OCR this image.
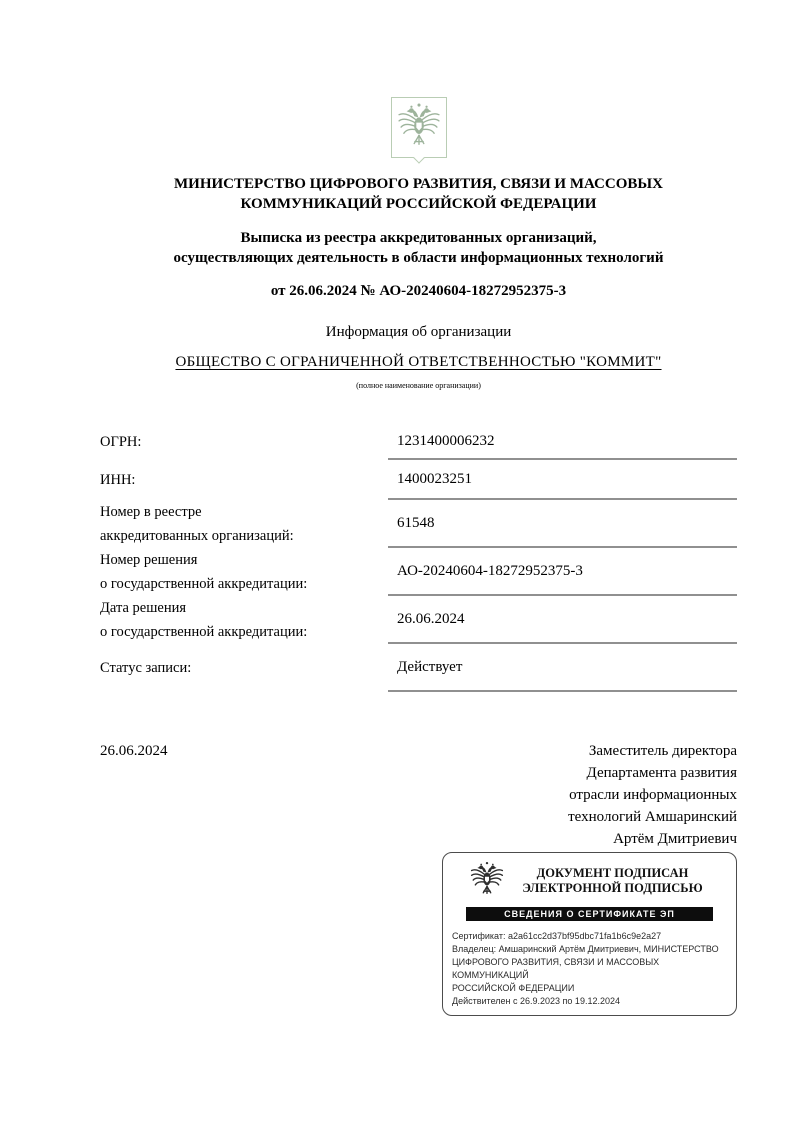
МИНИСТЕРСТВО ЦИФРОВОГО РАЗВИТИЯ, СВЯЗИ И МАССОВЫХ
КОММУНИКАЦИЙ РОССИЙСКОЙ ФЕДЕРАЦИИ
Выписка из реестра аккредитованных организаций,
осуществляющих деятельность в области информационных технологий
от 26.06.2024 № АО-20240604-18272952375-3
Информация об организации
ОБЩЕСТВО С ОГРАНИЧЕННОЙ ОТВЕТСТВЕННОСТЬЮ "КОММИТ"
(полное наименование организации)
ОГРН:	1231400006232
ИНН:	1400023251
Номер в реестре
аккредитованных организаций:
61548
Номер решения
о государственной аккредитации:
АО-20240604-18272952375-3
Дата решения
о государственной аккредитации:
26.06.2024
Статус записи:	Действует
26.06.2024	Заместитель директора
Департамента развития
отрасли информационных
технологий Амшаринский
Артём Дмитриевич
ДОКУМЕНТ ПОДПИСАН
ЭЛЕКТРОННОЙ ПОДПИСЬЮ
СВЕДЕНИЯ О СЕРТИФИКАТЕ ЭП
Сертификат: a2a61cc2d37bf95dbc71fa1b6c9e2a27
Владелец: Амшаринский Артём Дмитриевич, МИНИСТЕРСТВО
ЦИФРОВОГО РАЗВИТИЯ, СВЯЗИ И МАССОВЫХ КОММУНИКАЦИЙ
РОССИЙСКОЙ ФЕДЕРАЦИИ
Действителен с 26.9.2023 по 19.12.2024
